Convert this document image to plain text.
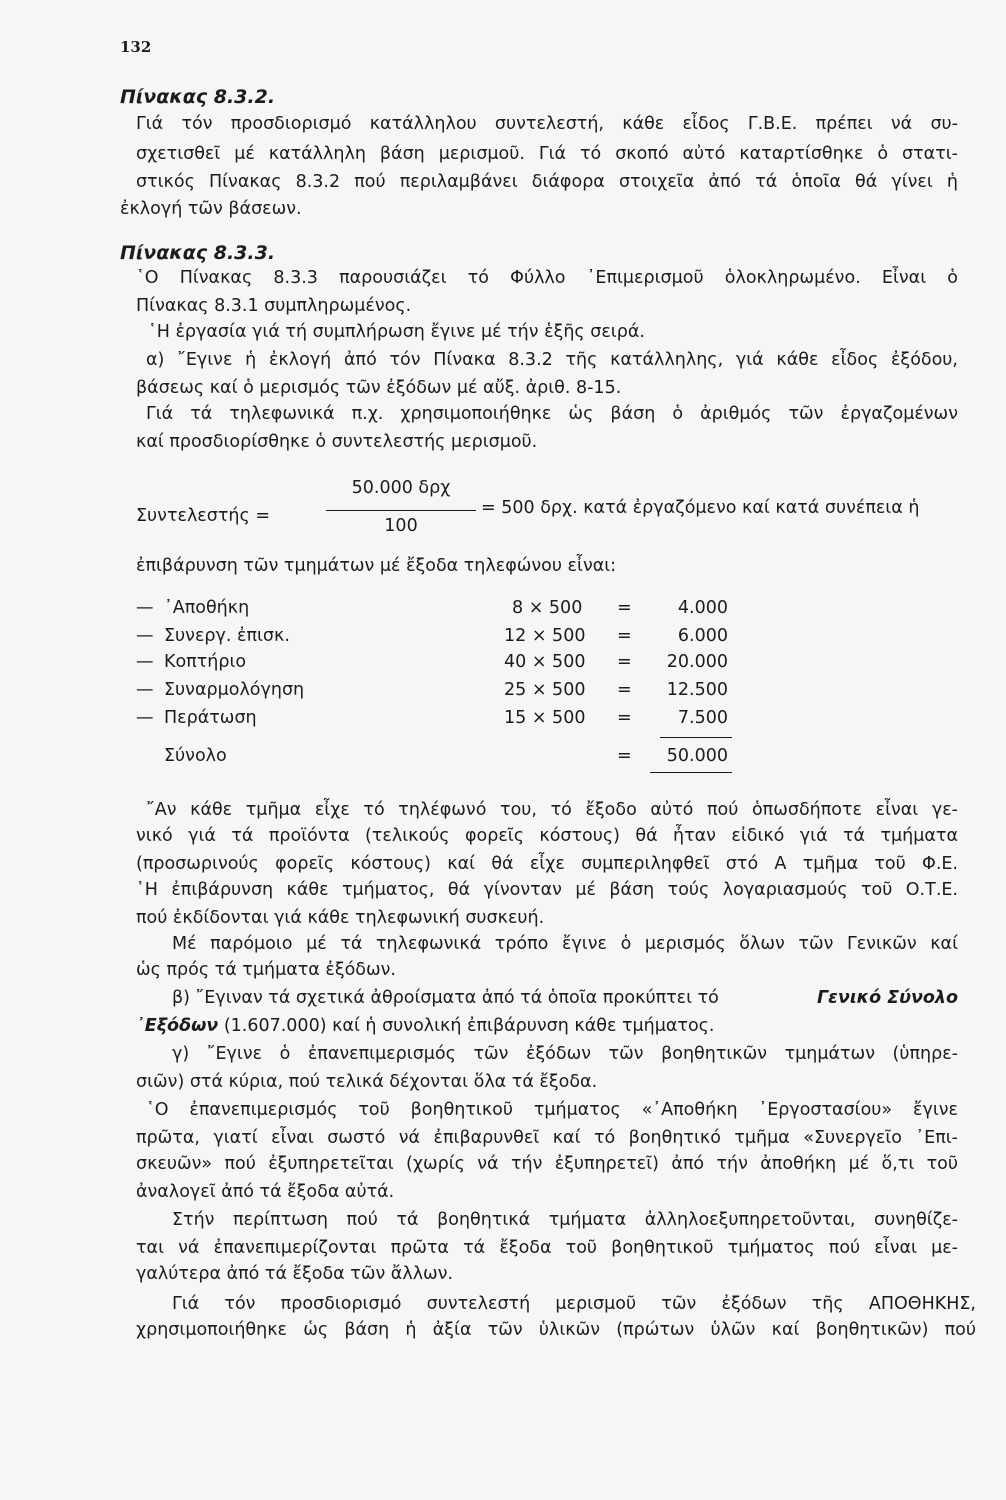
132
Πίνακας 8.3.2.
Γιά τόν προσδιορισμό κατάλληλου συντελεστή, κάθε εἶδος Γ.Β.Ε. πρέπει νά συ-
σχετισθεῖ μέ κατάλληλη βάση μερισμοῦ. Γιά τό σκοπό αὐτό καταρτίσθηκε ὁ στατι-
στικός Πίνακας 8.3.2 πού περιλαμβάνει διάφορα στοιχεῖα ἀπό τά ὁποῖα θά γίνει ἡ
ἐκλογή τῶν βάσεων.
Πίνακας 8.3.3.
῾Ο Πίνακας 8.3.3 παρουσιάζει τό Φύλλο ᾿Επιμερισμοῦ ὁλοκληρωμένο. Εἶναι ὁ
Πίνακας 8.3.1 συμπληρωμένος.
῾Η ἐργασία γιά τή συμπλήρωση ἔγινε μέ τήν ἑξῆς σειρά.
α) ῎Εγινε ἡ ἐκλογή ἀπό τόν Πίνακα 8.3.2 τῆς κατάλληλης, γιά κάθε εἶδος ἐξόδου,
βάσεως καί ὁ μερισμός τῶν ἐξόδων μέ αὔξ. ἀριθ. 8-15.
Γιά τά τηλεφωνικά π.χ. χρησιμοποιήθηκε ὡς βάση ὁ ἀριθμός τῶν ἐργαζομένων
καί προσδιορίσθηκε ὁ συντελεστής μερισμοῦ.
Συντελεστής =
50.000 δρχ
100
= 500 δρχ. κατά ἐργαζόμενο καί κατά συνέπεια ἡ
ἐπιβάρυνση τῶν τμημάτων μέ ἔξοδα τηλεφώνου εἶναι:
— ᾿Αποθήκη	8 × 500 =	4.000
— Συνεργ. ἐπισκ.	12 × 500 =	6.000
— Κοπτήριο	40 × 500 =	20.000
— Συναρμολόγηση	25 × 500 =	12.500
— Περάτωση	15 × 500 =	7.500
Σύνολο	=	50.000
῎Αν κάθε τμῆμα εἶχε τό τηλέφωνό του, τό ἔξοδο αὐτό πού ὁπωσδήποτε εἶναι γε-
νικό γιά τά προϊόντα (τελικούς φορεῖς κόστους) θά ἦταν εἰδικό γιά τά τμήματα
(προσωρινούς φορεῖς κόστους) καί θά εἶχε συμπεριληφθεῖ στό Α τμῆμα τοῦ Φ.Ε.
῾Η ἐπιβάρυνση κάθε τμήματος, θά γίνονταν μέ βάση τούς λογαριασμούς τοῦ Ο.Τ.Ε.
πού ἐκδίδονται γιά κάθε τηλεφωνική συσκευή.
Μέ παρόμοιο μέ τά τηλεφωνικά τρόπο ἔγινε ὁ μερισμός ὅλων τῶν Γενικῶν καί
ὡς πρός τά τμήματα ἐξόδων.
β) ῎Εγιναν τά σχετικά ἀθροίσματα ἀπό τά ὁποῖα προκύπτει τό	Γενικό Σύνολο
᾿Εξόδων (1.607.000) καί ἡ συνολική ἐπιβάρυνση κάθε τμήματος.
γ) ῎Εγινε ὁ ἐπανεπιμερισμός τῶν ἐξόδων τῶν βοηθητικῶν τμημάτων (ὑπηρε-
σιῶν) στά κύρια, πού τελικά δέχονται ὅλα τά ἔξοδα.
῾Ο ἐπανεπιμερισμός τοῦ βοηθητικοῦ τμήματος «᾿Αποθήκη ᾿Εργοστασίου» ἔγινε
πρῶτα, γιατί εἶναι σωστό νά ἐπιβαρυνθεῖ καί τό βοηθητικό τμῆμα «Συνεργεῖο ᾿Επι-
σκευῶν» πού ἐξυπηρετεῖται (χωρίς νά τήν ἐξυπηρετεῖ) ἀπό τήν ἀποθήκη μέ ὅ,τι τοῦ
ἀναλογεῖ ἀπό τά ἔξοδα αὐτά.
Στήν περίπτωση πού τά βοηθητικά τμήματα ἀλληλοεξυπηρετοῦνται, συνηθίζε-
ται νά ἐπανεπιμερίζονται πρῶτα τά ἔξοδα τοῦ βοηθητικοῦ τμήματος πού εἶναι με-
γαλύτερα ἀπό τά ἔξοδα τῶν ἄλλων.
Γιά τόν προσδιορισμό συντελεστή μερισμοῦ τῶν ἐξόδων τῆς ΑΠΟΘΗΚΗΣ,
χρησιμοποιήθηκε ὡς βάση ἡ ἀξία τῶν ὑλικῶν (πρώτων ὑλῶν καί βοηθητικῶν) πού
